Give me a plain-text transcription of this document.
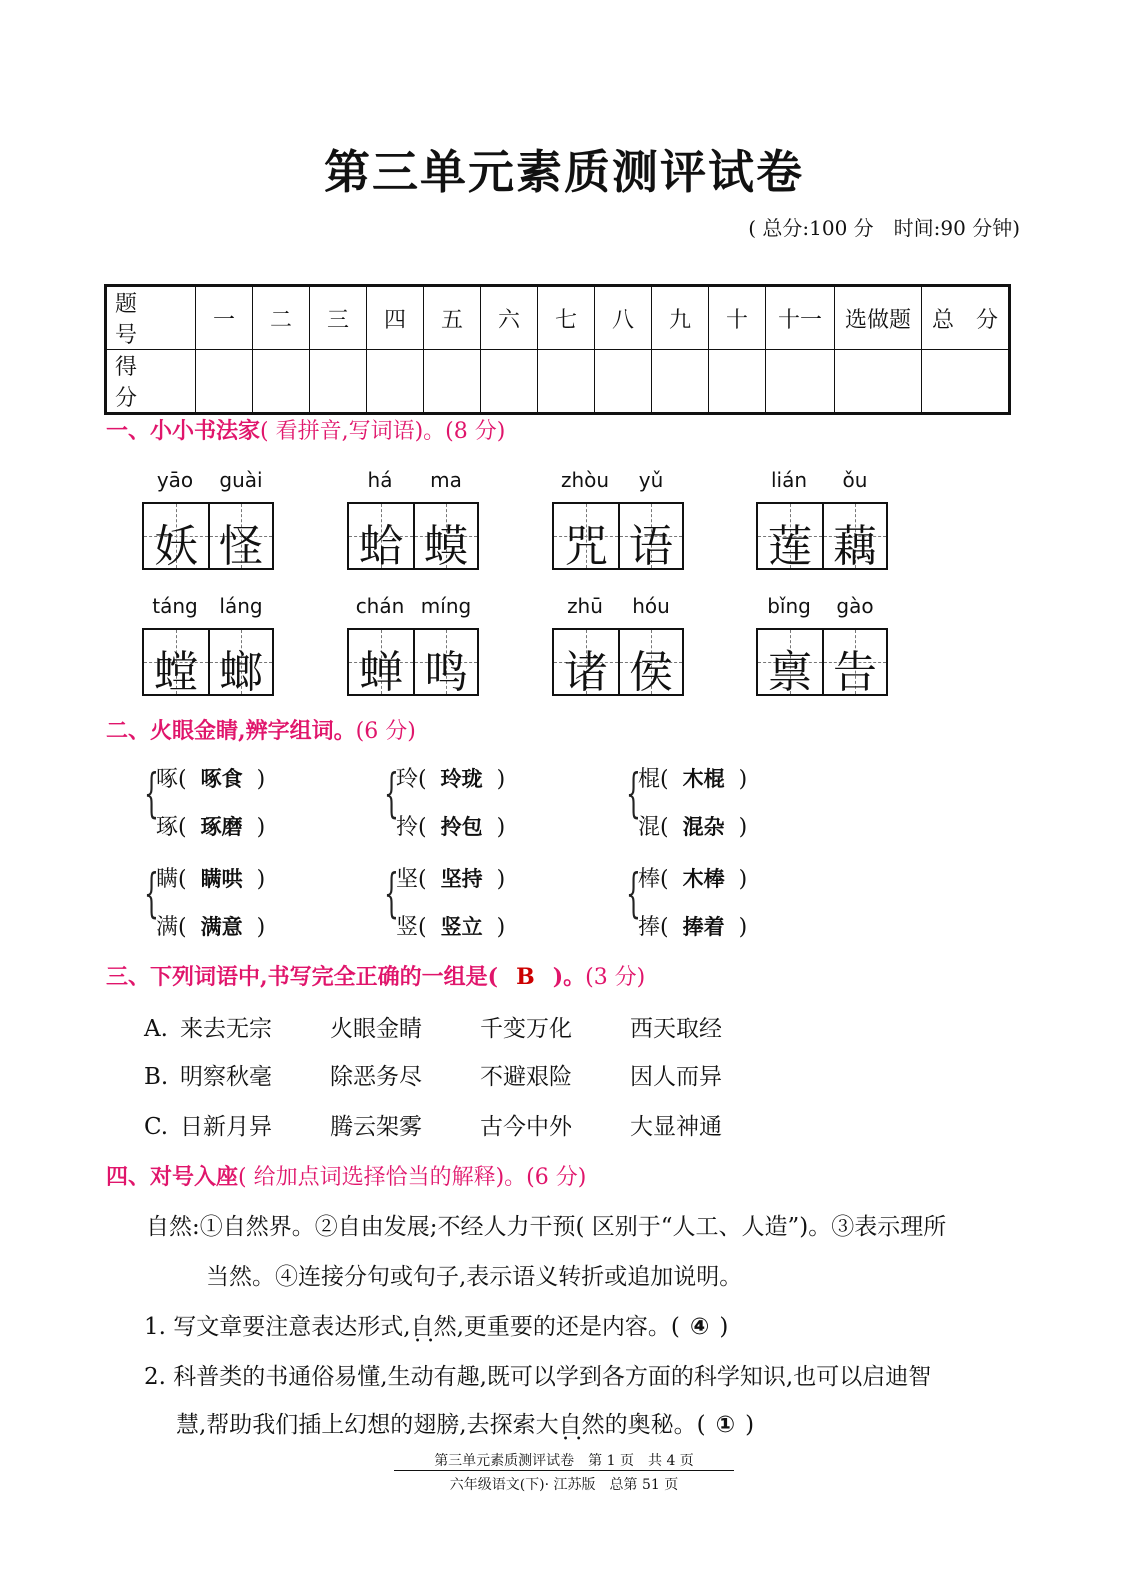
第三单元素质测评试卷
( 总分:100 分　时间:90 分钟)
题　　号	一	二	三	四	五	六	七	八	九	十	十一	选做题	总　分
得　　分													
一、小小书法家( 看拼音,写词语)。(8 分)
yāo	guài
妖 怪
há	ma
蛤 蟆
zhòu	yǔ
咒 语
lián	ǒu
莲 藕
táng	láng
螳 螂
chán míng
蝉 鸣
zhū	hóu
诸 侯
bǐng	gào
禀 告
二、火眼金睛,辨字组词。(6 分)
{
啄( 啄食 )
琢( 琢磨 )
{
玲( 玲珑 )
拎( 拎包 )
{
棍( 木棍 )
混( 混杂 )
{
瞒( 瞒哄 )
满( 满意 )
{
坚( 坚持 )
竖( 竖立 )
{
棒( 木棒 )
捧( 捧着 )
三、下列词语中,书写完全正确的一组是( B )。(3 分)
A. 来去无宗	火眼金睛	千变万化	西天取经
B. 明察秋毫	除恶务尽	不避艰险	因人而异
C. 日新月异	腾云架雾	古今中外	大显神通
四、对号入座( 给加点词选择恰当的解释)。(6 分)
自然:①自然界。②自由发展;不经人力干预( 区别于“人工、人造”)。③表示理所
当然。④连接分句或句子,表示语义转折或追加说明。
1. 写文章要注意表达形式,自然 • •,更重要的还是内容。( ④ )
2. 科普类的书通俗易懂,生动有趣,既可以学到各方面的科学知识,也可以启迪智
慧,帮助我们插上幻想的翅膀,去探索大自然 • •的奥秘。( ① )
第三单元素质测评试卷　第 1 页　共 4 页
六年级语文(下)· 江苏版　总第 51 页
